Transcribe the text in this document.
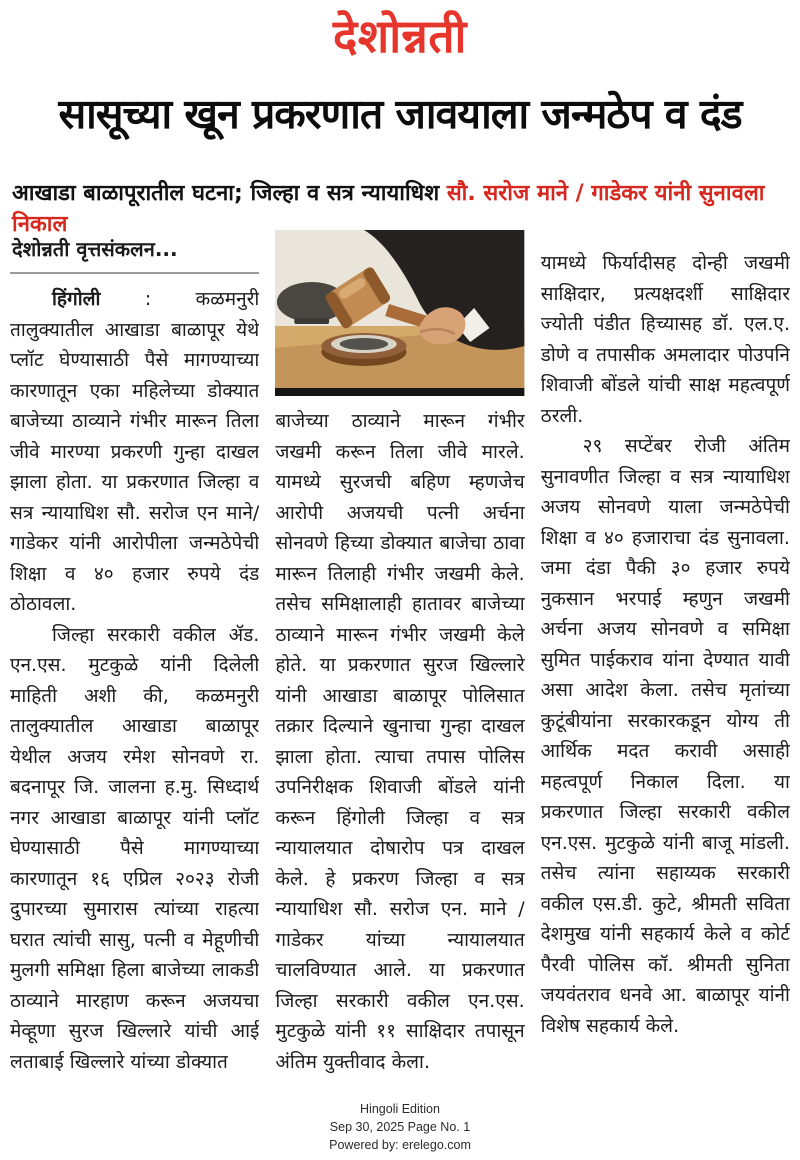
देशोन्नती
सासूच्या खून प्रकरणात जावयाला जन्मठेप व दंड
आखाडा बाळापूरातील घटना; जिल्हा व सत्र न्यायाधिश सौ. सरोज माने / गाडेकर यांनी सुनावला निकाल
देशोन्नती वृत्तसंकलन...

हिंगोली : कळमनुरी तालुक्यातील आखाडा बाळापूर येथे प्लॉट घेण्यासाठी पैसे मागण्याच्या कारणातून एका महिलेच्या डोक्यात बाजेच्या ठाव्याने गंभीर मारून तिला जीवे मारण्या प्रकरणी गुन्हा दाखल झाला होता. या प्रकरणात जिल्हा व सत्र न्यायाधिश सौ. सरोज एन माने/ गाडेकर यांनी आरोपीला जन्मठेपेची शिक्षा व ४० हजार रुपये दंड ठोठावला.

जिल्हा सरकारी वकील ॲड. एन.एस. मुटकुळे यांनी दिलेली माहिती अशी की, कळमनुरी तालुक्यातील आखाडा बाळापूर येथील अजय रमेश सोनवणे रा. बदनापूर जि. जालना ह.मु. सिध्दार्थ नगर आखाडा बाळापूर यांनी प्लॉट घेण्यासाठी पैसे मागण्याच्या कारणातून १६ एप्रिल २०२३ रोजी दुपारच्या सुमारास त्यांच्या राहत्या घरात त्यांची सासु, पत्नी व मेहूणीची मुलगी समिक्षा हिला बाजेच्या लाकडी ठाव्याने मारहाण करून अजयचा मेव्हूणा सुरज खिल्लारे यांची आई लताबाई खिल्लारे यांच्या डोक्यात

बाजेच्या ठाव्याने मारून गंभीर जखमी करून तिला जीवे मारले. यामध्ये सुरजची बहिण म्हणजेच आरोपी अजयची पत्नी अर्चना सोनवणे हिच्या डोक्यात बाजेचा ठावा मारून तिलाही गंभीर जखमी केले. तसेच समिक्षालाही हातावर बाजेच्या ठाव्याने मारून गंभीर जखमी केले होते. या प्रकरणात सुरज खिल्लारे यांनी आखाडा बाळापूर पोलिसात तक्रार दिल्याने खुनाचा गुन्हा दाखल झाला होता. त्याचा तपास पोलिस उपनिरीक्षक शिवाजी बोंडले यांनी करून हिंगोली जिल्हा व सत्र न्यायालयात दोषारोप पत्र दाखल केले. हे प्रकरण जिल्हा व सत्र न्यायाधिश सौ. सरोज एन. माने / गाडेकर यांच्या न्यायालयात चालविण्यात आले. या प्रकरणात जिल्हा सरकारी वकील एन.एस. मुटकुळे यांनी ११ साक्षिदार तपासून अंतिम युक्तीवाद केला.

यामध्ये फिर्यादीसह दोन्ही जखमी साक्षिदार, प्रत्यक्षदर्शी साक्षिदार ज्योती पंडीत हिच्यासह डॉ. एल.ए. डोणे व तपासीक अमलादार पोउपनि शिवाजी बोंडले यांची साक्ष महत्वपूर्ण ठरली.

२९ सप्टेंबर रोजी अंतिम सुनावणीत जिल्हा व सत्र न्यायाधिश अजय सोनवणे याला जन्मठेपेची शिक्षा व ४० हजाराचा दंड सुनावला. जमा दंडा पैकी ३० हजार रुपये नुकसान भरपाई म्हणुन जखमी अर्चना अजय सोनवणे व समिक्षा सुमित पाईकराव यांना देण्यात यावी असा आदेश केला. तसेच मृतांच्या कुटूंबीयांना सरकारकडून योग्य ती आर्थिक मदत करावी असाही महत्वपूर्ण निकाल दिला. या प्रकरणात जिल्हा सरकारी वकील एन.एस. मुटकुळे यांनी बाजू मांडली. तसेच त्यांना सहाय्यक सरकारी वकील एस.डी. कुटे, श्रीमती सविता देशमुख यांनी सहकार्य केले व कोर्ट पैरवी पोलिस कॉ. श्रीमती सुनिता जयवंतराव धनवे आ. बाळापूर यांनी विशेष सहकार्य केले.

Hingoli Edition
Sep 30, 2025 Page No. 1
Powered by: erelego.com
